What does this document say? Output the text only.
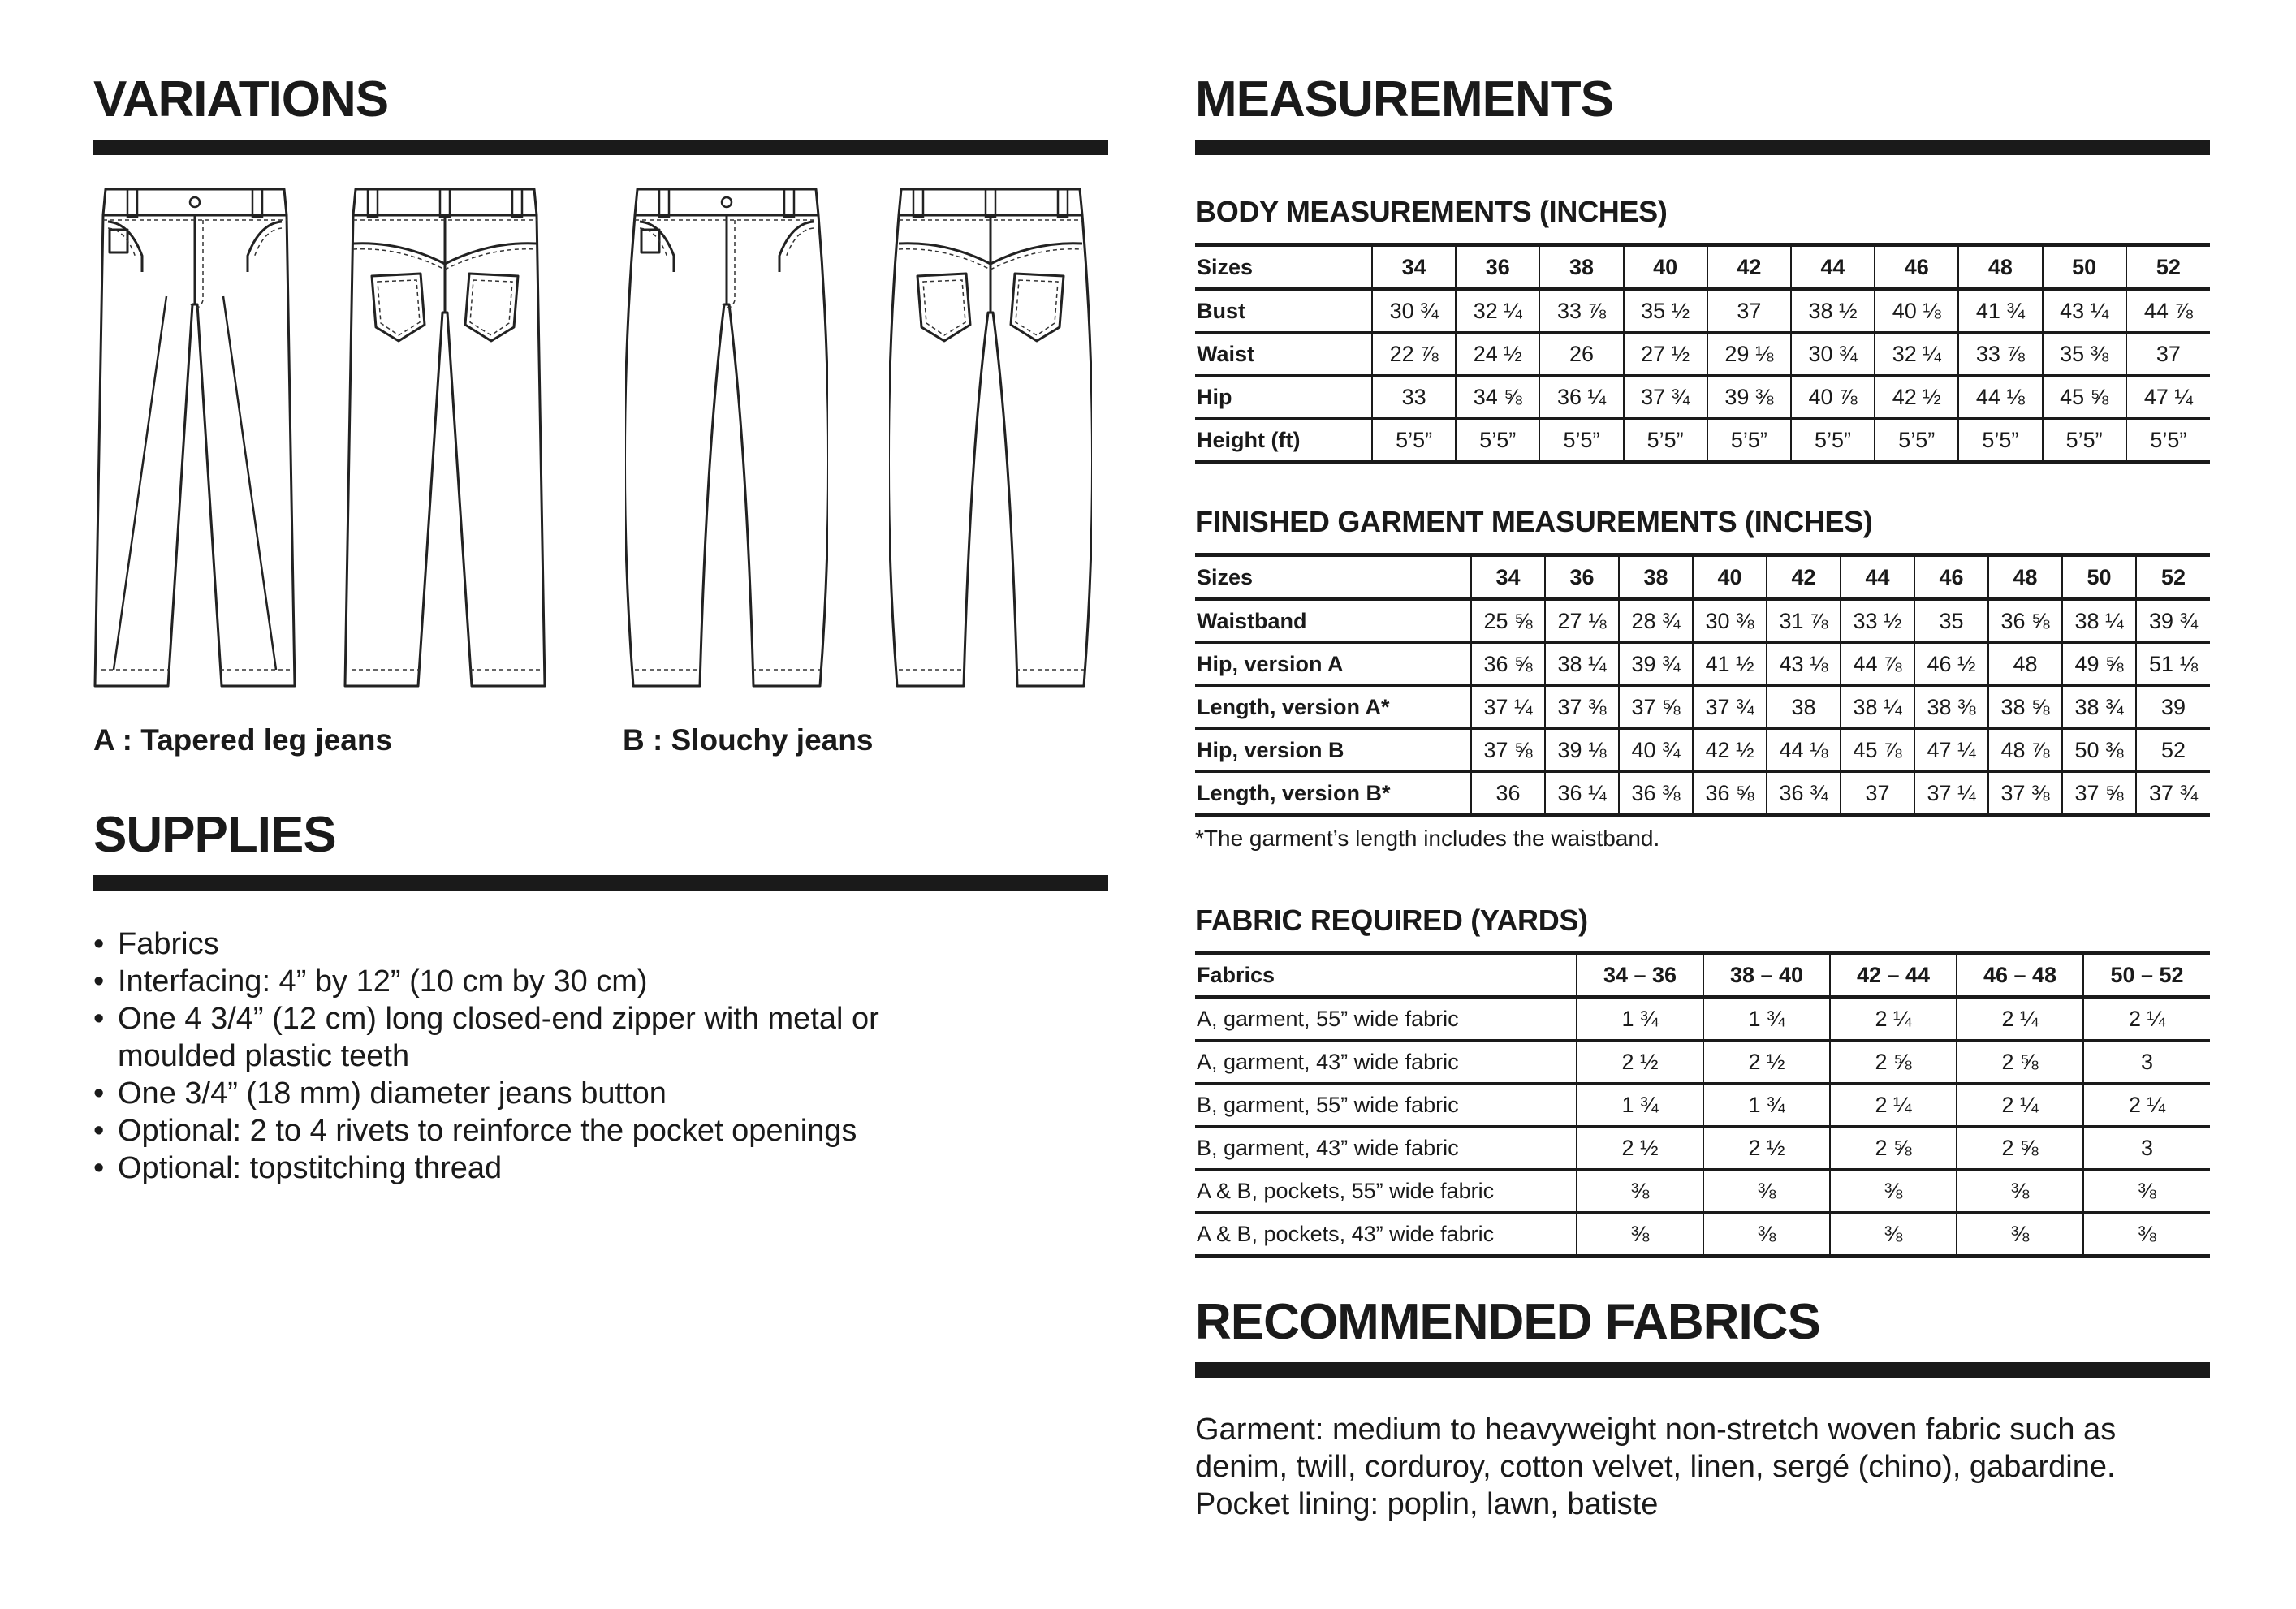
VARIATIONS

A : Tapered leg jeans	B : Slouchy jeans

SUPPLIES
• Fabrics
• Interfacing: 4” by 12” (10 cm by 30 cm)
• One 4 3/4” (12 cm) long closed-end zipper with metal or moulded plastic teeth
• One 3/4” (18 mm) diameter jeans button
• Optional: 2 to 4 rivets to reinforce the pocket openings
• Optional: topstitching thread
MEASUREMENTS
BODY MEASUREMENTS (INCHES)
Sizes	34	36	38	40	42	44	46	48	50	52
Bust	30 ¾	32 ¼	33 ⅞	35 ½	37	38 ½	40 ⅛	41 ¾	43 ¼	44 ⅞
Waist	22 ⅞	24 ½	26	27 ½	29 ⅛	30 ¾	32 ¼	33 ⅞	35 ⅜	37
Hip	33	34 ⅝	36 ¼	37 ¾	39 ⅜	40 ⅞	42 ½	44 ⅛	45 ⅝	47 ¼
Height (ft)	5’5”	5’5”	5’5”	5’5”	5’5”	5’5”	5’5”	5’5”	5’5”	5’5”
FINISHED GARMENT MEASUREMENTS (INCHES)
Sizes	34	36	38	40	42	44	46	48	50	52
Waistband	25 ⅝	27 ⅛	28 ¾	30 ⅜	31 ⅞	33 ½	35	36 ⅝	38 ¼	39 ¾
Hip, version A	36 ⅝	38 ¼	39 ¾	41 ½	43 ⅛	44 ⅞	46 ½	48	49 ⅝	51 ⅛
Length, version A*	37 ¼	37 ⅜	37 ⅝	37 ¾	38	38 ¼	38 ⅜	38 ⅝	38 ¾	39
Hip, version B	37 ⅝	39 ⅛	40 ¾	42 ½	44 ⅛	45 ⅞	47 ¼	48 ⅞	50 ⅜	52
Length, version B*	36	36 ¼	36 ⅜	36 ⅝	36 ¾	37	37 ¼	37 ⅜	37 ⅝	37 ¾

*The garment’s length includes the waistband.

FABRIC REQUIRED (YARDS)
Fabrics	34 – 36	38 – 40	42 – 44	46 – 48	50 – 52
A, garment, 55” wide fabric	1 ¾	1 ¾	2 ¼	2 ¼	2 ¼
A, garment, 43” wide fabric	2 ½	2 ½	2 ⅝	2 ⅝	3
B, garment, 55” wide fabric	1 ¾	1 ¾	2 ¼	2 ¼	2 ¼
B, garment, 43” wide fabric	2 ½	2 ½	2 ⅝	2 ⅝	3
A & B, pockets, 55” wide fabric	⅜	⅜	⅜	⅜	⅜
A & B, pockets, 43” wide fabric	⅜	⅜	⅜	⅜	⅜
RECOMMENDED FABRICS

Garment: medium to heavyweight non-stretch woven fabric such as

denim, twill, corduroy, cotton velvet, linen, sergé (chino), gabardine.

Pocket lining: poplin, lawn, batiste
